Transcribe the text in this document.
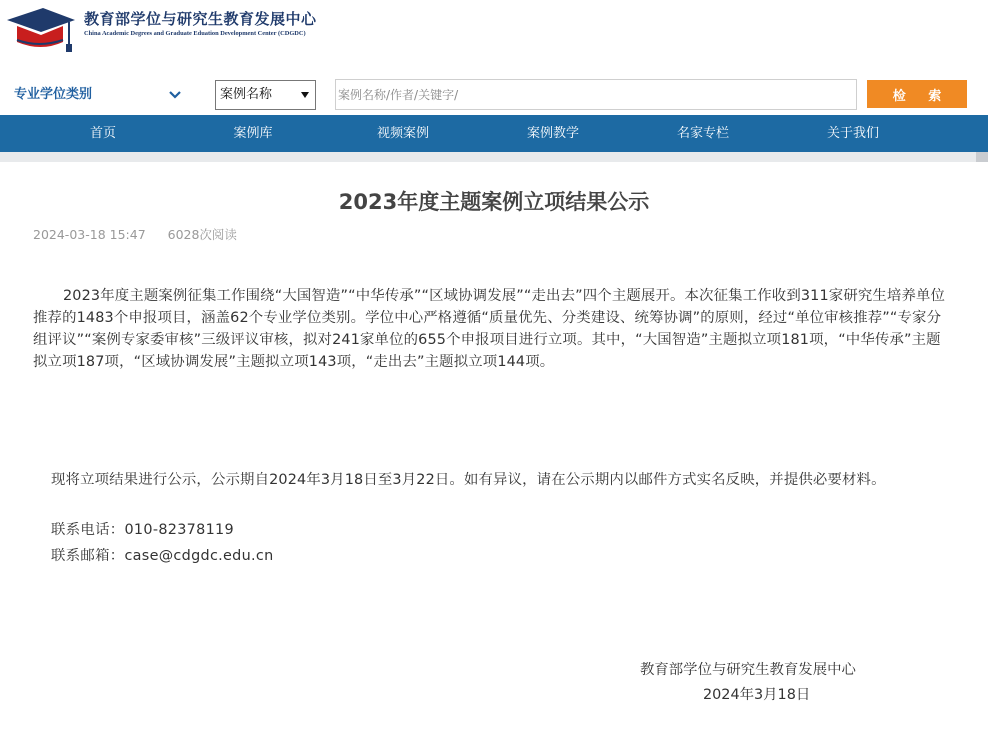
教育部学位与研究生教育发展中心
China Academic Degrees and Graduate Eduation Development Center (CDGDC)
专业学位类别	案例名称
案例名称/作者/关键字/	检 索
首页	案例库	视频案例	案例教学	名家专栏	关于我们
2023年度主题案例立项结果公示
2024-03-18 15:47 6028次阅读

2023年度主题案例征集工作围绕“大国智造”“中华传承”“区域协调发展”“走出去”四个主题展开。本次征集工作收到311家研究生培养单位推荐的1483个申报项目，涵盖62个专业学位类别。学位中心严格遵循“质量优先、分类建设、统筹协调”的原则，经过“单位审核推荐”“专家分组评议”“案例专家委审核”三级评议审核，拟对241家单位的655个申报项目进行立项。其中，“大国智造”主题拟立项181项，“中华传承”主题拟立项187项，“区域协调发展”主题拟立项143项，“走出去”主题拟立项144项。

现将立项结果进行公示，公示期自2024年3月18日至3月22日。如有异议，请在公示期内以邮件方式实名反映，并提供必要材料。

联系电话：010-82378119
联系邮箱：case@cdgdc.edu.cn
教育部学位与研究生教育发展中心
2024年3月18日
